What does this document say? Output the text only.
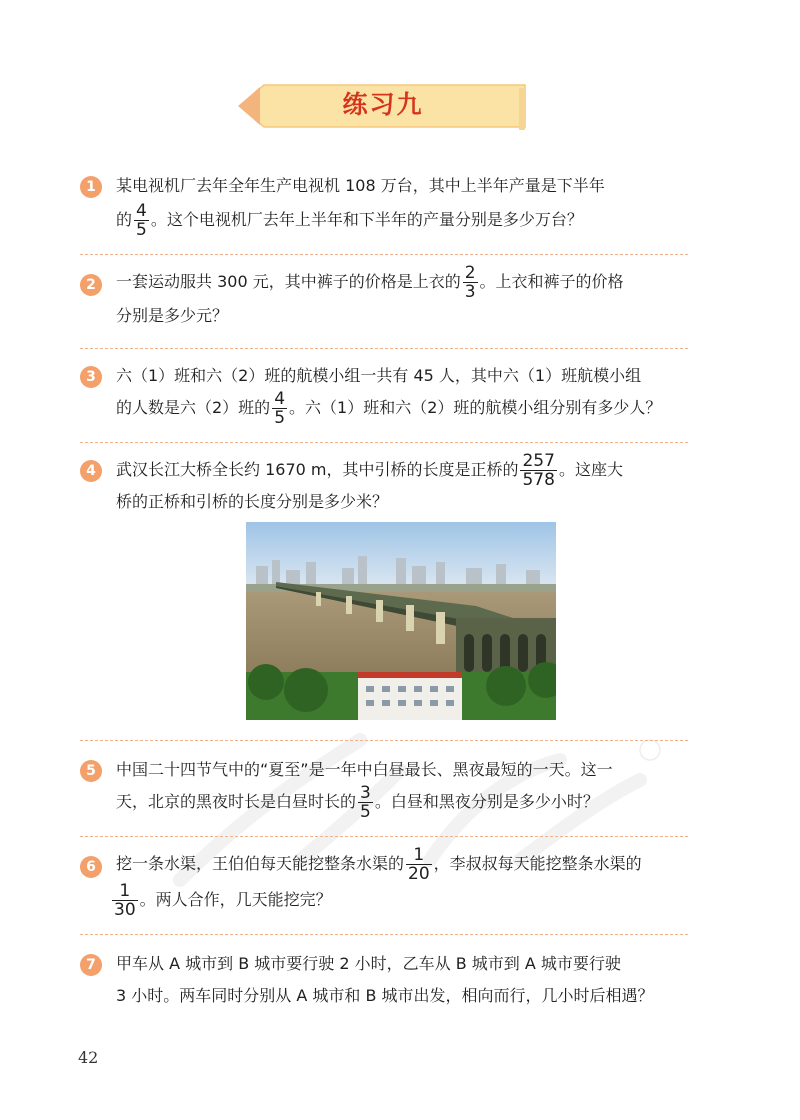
练习九
1	某电视机厂去年全年生产电视机 108 万台，其中上半年产量是下半年
的 $\frac{4}{5}$ 。这个电视机厂去年上半年和下半年的产量分别是多少万台？
2	一套运动服共 300 元，其中裤子的价格是上衣的 $\frac{2}{3}$ 。上衣和裤子的价格
分别是多少元？
3	六（1）班和六（2）班的航模小组一共有 45 人，其中六（1）班航模小组
的人数是六（2）班的 $\frac{4}{5}$ 。六（1）班和六（2）班的航模小组分别有多少人？
4	武汉长江大桥全长约 1670 m，其中引桥的长度是正桥的 $\frac{257}{578}$ 。这座大
桥的正桥和引桥的长度分别是多少米？
5	中国二十四节气中的“夏至”是一年中白昼最长、黑夜最短的一天。这一
天，北京的黑夜时长是白昼时长的 $\frac{3}{5}$ 。白昼和黑夜分别是多少小时？
6	挖一条水渠，王伯伯每天能挖整条水渠的 $\frac{1}{20}$ ，李叔叔每天能挖整条水渠的
$\frac{1}{30}$ 。两人合作，几天能挖完？
7	甲车从 A 城市到 B 城市要行驶 2 小时，乙车从 B 城市到 A 城市要行驶
3 小时。两车同时分别从 A 城市和 B 城市出发，相向而行，几小时后相遇？
42
